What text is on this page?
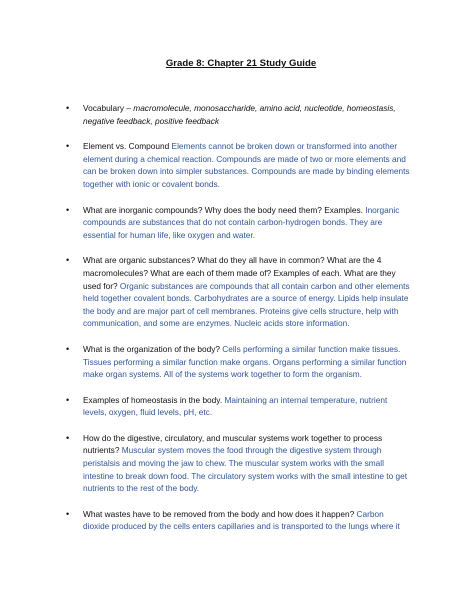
Grade 8: Chapter 21 Study Guide
• Vocabulary – macromolecule, monosaccharide, amino acid, nucleotide, homeostasis, negative feedback, positive feedback
• Element vs. Compound Elements cannot be broken down or transformed into another element during a chemical reaction. Compounds are made of two or more elements and can be broken down into simpler substances. Compounds are made by binding elements together with ionic or covalent bonds.
• What are inorganic compounds? Why does the body need them? Examples. Inorganic compounds are substances that do not contain carbon-hydrogen bonds. They are essential for human life, like oxygen and water.
• What are organic substances? What do they all have in common? What are the 4 macromolecules? What are each of them made of? Examples of each. What are they used for? Organic substances are compounds that all contain carbon and other elements held together covalent bonds. Carbohydrates are a source of energy. Lipids help insulate the body and are major part of cell membranes. Proteins give cells structure, help with communication, and some are enzymes. Nucleic acids store information.
• What is the organization of the body? Cells performing a similar function make tissues. Tissues performing a similar function make organs. Organs performing a similar function make organ systems. All of the systems work together to form the organism.
• Examples of homeostasis in the body. Maintaining an internal temperature, nutrient levels, oxygen, fluid levels, pH, etc.
• How do the digestive, circulatory, and muscular systems work together to process nutrients? Muscular system moves the food through the digestive system through peristalsis and moving the jaw to chew. The muscular system works with the small intestine to break down food. The circulatory system works with the small intestine to get nutrients to the rest of the body.
• What wastes have to be removed from the body and how does it happen? Carbon dioxide produced by the cells enters capillaries and is transported to the lungs where it
